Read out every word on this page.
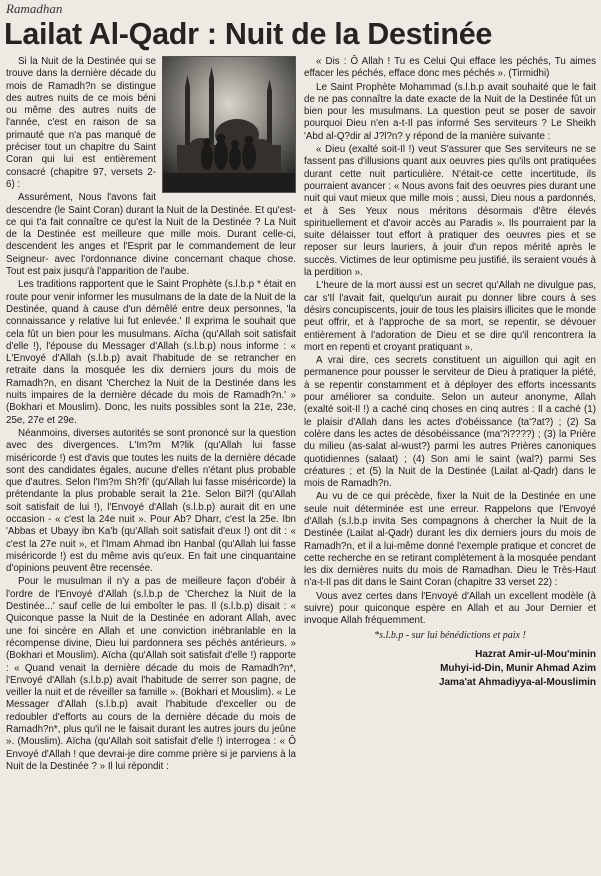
Ramadhan
Lailat Al-Qadr : Nuit de la Destinée

Si la Nuit de la Destinée qui se trouve dans la dernière décade du mois de Ramadh?n se distingue des autres nuits de ce mois béni ou même des autres nuits de l'année, c'est en raison de sa primauté que n'a pas manqué de préciser tout un chapitre du Saint Coran qui lui est entièrement consacré (chapitre 97, versets 2-6) :

Assurément, Nous l'avons fait descendre (le Saint Coran) durant la Nuit de la Destinée. Et qu'est-ce qui t'a fait connaître ce qu'est la Nuit de la Destinée ? La Nuit de la Destinée est meilleure que mille mois. Durant celle-ci, descendent les anges et l'Esprit par le commandement de leur Seigneur- avec l'ordonnance divine concernant chaque chose. Tout est paix jusqu'à l'apparition de l'aube.

Les traditions rapportent que le Saint Prophète (s.l.b.p * était en route pour venir informer les musulmans de la date de la Nuit de la Destinée, quand à cause d'un démêlé entre deux personnes, 'la connaissance y relative lui fut enlevée.' Il exprima le souhait que cela fût un bien pour les musulmans. Aïcha (qu'Allah soit satisfait d'elle !), l'épouse du Messager d'Allah (s.l.b.p) nous informe : « L'Envoyé d'Allah (s.l.b.p) avait l'habitude de se retrancher en retraite dans la mosquée les dix derniers jours du mois de Ramadh?n, en disant 'Cherchez la Nuit de la Destinée dans les nuits impaires de la dernière décade du mois de Ramadh?n.' » (Bokhari et Mouslim). Donc, les nuits possibles sont la 21e, 23e, 25e, 27e et 29e.

Néanmoins, diverses autorités se sont prononcé sur la question avec des divergences. L'Im?m M?lik (qu'Allah lui fasse miséricorde !) est d'avis que toutes les nuits de la dernière décade sont des candidates égales, aucune d'elles n'étant plus probable que d'autres. Selon l'Im?m Sh?fi' (qu'Allah lui fasse miséricorde) la prétendante la plus probable serait la 21e. Selon Bil?l (qu'Allah soit satisfait de lui !), l'Envoyé d'Allah (s.l.b.p) aurait dit en une occasion - « c'est la 24e nuit ». Pour Ab? Dharr, c'est la 25e. Ibn 'Abbas et Ubayy ibn Ka'b (qu'Allah soit satisfait d'eux !) ont dit : « c'est la 27e nuit », et l'Imam Ahmad ibn Hanbal (qu'Allah lui fasse miséricorde !) est du même avis qu'eux. En fait une cinquantaine d'opinions peuvent être recensée.

Pour le musulman il n'y a pas de meilleure façon d'obéir à l'ordre de l'Envoyé d'Allah (s.l.b.p de 'Cherchez la Nuit de la Destinée...' sauf celle de lui emboîter le pas. Il (s.l.b.p) disait : « Quiconque passe la Nuit de la Destinée en adorant Allah, avec une foi sincère en Allah et une conviction inébranlable en la récompense divine, Dieu lui pardonnera ses péchés antérieurs. » (Bokhari et Mouslim). Aïcha (qu'Allah soit satisfait d'elle !) rapporte : « Quand venait la dernière décade du mois de Ramadh?n*, l'Envoyé d'Allah (s.l.b.p) avait l'habitude de serrer son pagne, de veiller la nuit et de réveiller sa famille ». (Bokhari et Mouslim). « Le Messager d'Allah (s.l.b.p) avait l'habitude d'exceller ou de redoubler d'efforts au cours de la dernière décade du mois de Ramadh?n*, plus qu'il ne le faisait durant les autres jours du jeûne ». (Mouslim). Aïcha (qu'Allah soit satisfait d'elle !) interrogea : « Ô Envoyé d'Allah ! que devrai-je dire comme prière si je parviens à la Nuit de la Destinée ? » Il lui répondit :

« Dis : Ô Allah ! Tu es Celui Qui efface les péchés, Tu aimes effacer les péchés, efface donc mes péchés ». (Tirmidhi)

Le Saint Prophète Mohammad (s.l.b.p avait souhaité que le fait de ne pas connaître la date exacte de la Nuit de la Destinée fût un bien pour les musulmans. La question peut se poser de savoir pourquoi Dieu n'en a-t-Il pas informé Ses serviteurs ? Le Sheikh 'Abd al-Q?dir al J?l?n? y répond de la manière suivante :

« Dieu (exalté soit-Il !) veut S'assurer que Ses serviteurs ne se fassent pas d'illusions quant aux oeuvres pies qu'ils ont pratiquées durant cette nuit particulière. N'était-ce cette incertitude, ils pourraient avancer : « Nous avons fait des oeuvres pies durant une nuit qui vaut mieux que mille mois ; aussi, Dieu nous a pardonnés, et à Ses Yeux nous méritons désormais d'être élevés spirituellement et d'avoir accès au Paradis ». Ils pourraient par la suite délaisser tout effort à pratiquer des oeuvres pies et se reposer sur leurs lauriers, à jouir d'un repos mérité après le succès. Victimes de leur optimisme peu justifié, ils seraient voués à la perdition ».

L'heure de la mort aussi est un secret qu'Allah ne divulgue pas, car s'Il l'avait fait, quelqu'un aurait pu donner libre cours à ses désirs concupiscents, jouir de tous les plaisirs illicites que le monde peut offrir, et à l'approche de sa mort, se repentir, se dévouer entièrement à l'adoration de Dieu et se dire qu'il rencontrera la mort en repenti et croyant pratiquant ».

A vrai dire, ces secrets constituent un aiguillon qui agit en permanence pour pousser le serviteur de Dieu à pratiquer la piété, à se repentir constamment et à déployer des efforts incessants pour améliorer sa conduite. Selon un auteur anonyme, Allah (exalté soit-Il !) a caché cinq choses en cinq autres : Il a caché (1) le plaisir d'Allah dans les actes d'obéissance (ta'?at?) ; (2) Sa colère dans les actes de désobéissance (ma'?i????) ; (3) la Prière du milieu (as-salat al-wust?) parmi les autres Prières canoniques quotidiennes (salaat) ; (4) Son ami le saint (wal?) parmi Ses créatures ; et (5) la Nuit de la Destinée (Lailat al-Qadr) dans le mois de Ramadh?n.

Au vu de ce qui précède, fixer la Nuit de la Destinée en une seule nuit déterminée est une erreur. Rappelons que l'Envoyé d'Allah (s.l.b.p invita Ses compagnons à chercher la Nuit de la Destinée (Lailat al-Qadr) durant les dix derniers jours du mois de Ramadh?n, et il a lui-même donné l'exemple pratique et concret de cette recherche en se retirant complètement à la mosquée pendant les dix dernières nuits du mois de Ramadhan. Dieu le Très-Haut n'a-t-Il pas dit dans le Saint Coran (chapitre 33 verset 22) :

Vous avez certes dans l'Envoyé d'Allah un excellent modèle (à suivre) pour quiconque espère en Allah et au Jour Dernier et invoque Allah fréquemment.

*s.l.b.p - sur lui bénédictions et paix !

Hazrat Amir-ul-Mou'minin

Muhyi-id-Din, Munir Ahmad Azim

Jama'at Ahmadiyya-al-Mouslimin
